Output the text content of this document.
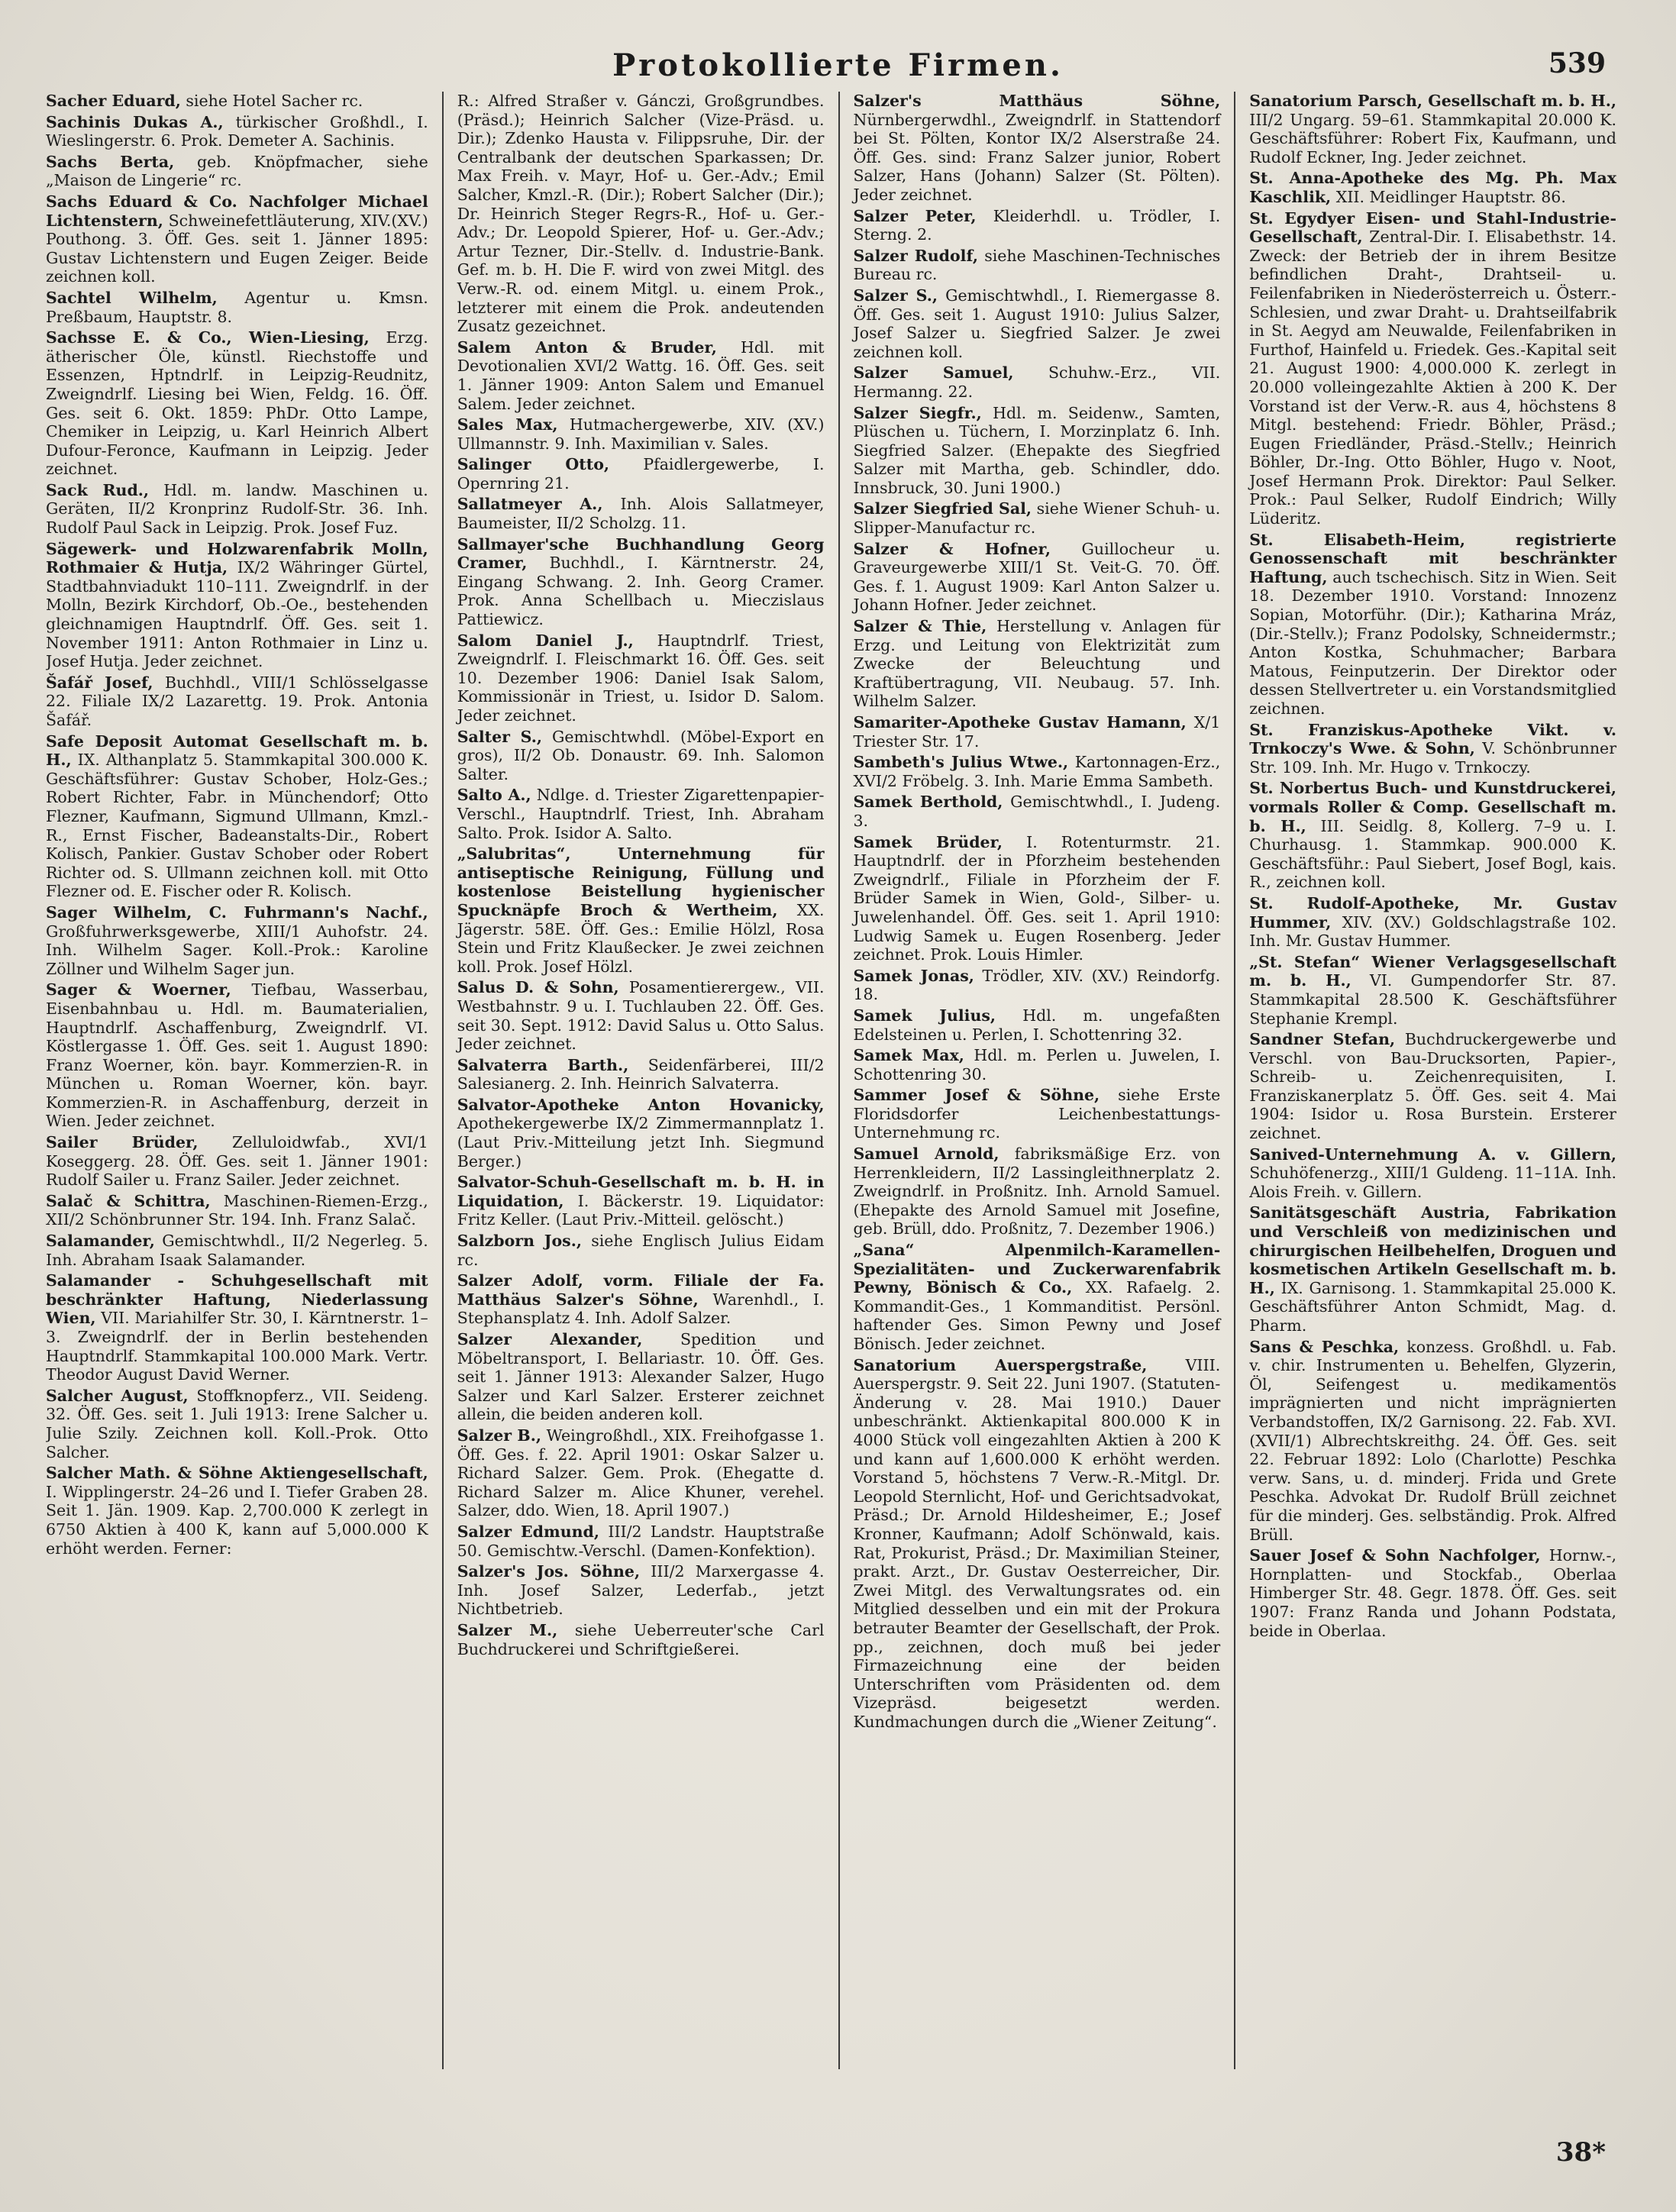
Protokollierte Firmen.	539

Sacher Eduard, siehe Hotel Sacher rc.

Sachinis Dukas A., türkischer Großhdl., I. Wieslingerstr. 6. Prok. Demeter A. Sachinis.

Sachs Berta, geb. Knöpfmacher, siehe „Maison de Lingerie“ rc.

Sachs Eduard & Co. Nachfolger Michael Lichtenstern, Schweinefettläuterung, XIV.(XV.) Pouthong. 3. Öff. Ges. seit 1. Jänner 1895: Gustav Lichtenstern und Eugen Zeiger. Beide zeichnen koll.

Sachtel Wilhelm, Agentur u. Kmsn. Preßbaum, Hauptstr. 8.

Sachsse E. & Co., Wien-Liesing, Erzg. ätherischer Öle, künstl. Riechstoffe und Essenzen, Hptndrlf. in Leipzig-Reudnitz, Zweigndrlf. Liesing bei Wien, Feldg. 16. Öff. Ges. seit 6. Okt. 1859: PhDr. Otto Lampe, Chemiker in Leipzig, u. Karl Heinrich Albert Dufour-Feronce, Kaufmann in Leipzig. Jeder zeichnet.

Sack Rud., Hdl. m. landw. Maschinen u. Geräten, II/2 Kronprinz Rudolf-Str. 36. Inh. Rudolf Paul Sack in Leipzig. Prok. Josef Fuz.

Sägewerk- und Holzwarenfabrik Molln, Rothmaier & Hutja, IX/2 Währinger Gürtel, Stadtbahnviadukt 110–111. Zweigndrlf. in der Molln, Bezirk Kirchdorf, Ob.-Oe., bestehenden gleichnamigen Hauptndrlf. Öff. Ges. seit 1. November 1911: Anton Rothmaier in Linz u. Josef Hutja. Jeder zeichnet.

Šafář Josef, Buchhdl., VIII/1 Schlösselgasse 22. Filiale IX/2 Lazarettg. 19. Prok. Antonia Šafář.

Safe Deposit Automat Gesellschaft m. b. H., IX. Althanplatz 5. Stammkapital 300.000 K. Geschäftsführer: Gustav Schober, Holz-Ges.; Robert Richter, Fabr. in Münchendorf; Otto Flezner, Kaufmann, Sigmund Ullmann, Kmzl.-R., Ernst Fischer, Badeanstalts-Dir., Robert Kolisch, Pankier. Gustav Schober oder Robert Richter od. S. Ullmann zeichnen koll. mit Otto Flezner od. E. Fischer oder R. Kolisch.

Sager Wilhelm, C. Fuhrmann's Nachf., Großfuhrwerksgewerbe, XIII/1 Auhofstr. 24. Inh. Wilhelm Sager. Koll.-Prok.: Karoline Zöllner und Wilhelm Sager jun.

Sager & Woerner, Tiefbau, Wasserbau, Eisenbahnbau u. Hdl. m. Baumaterialien, Hauptndrlf. Aschaffenburg, Zweigndrlf. VI. Köstlergasse 1. Öff. Ges. seit 1. August 1890: Franz Woerner, kön. bayr. Kommerzien-R. in München u. Roman Woerner, kön. bayr. Kommerzien-R. in Aschaffenburg, derzeit in Wien. Jeder zeichnet.

Sailer Brüder, Zelluloidwfab., XVI/1 Koseggerg. 28. Öff. Ges. seit 1. Jänner 1901: Rudolf Sailer u. Franz Sailer. Jeder zeichnet.

Salač & Schittra, Maschinen-Riemen-Erzg., XII/2 Schönbrunner Str. 194. Inh. Franz Salač.

Salamander, Gemischtwhdl., II/2 Negerleg. 5. Inh. Abraham Isaak Salamander.

Salamander - Schuhgesellschaft mit beschränkter Haftung, Niederlassung Wien, VII. Mariahilfer Str. 30, I. Kärntnerstr. 1–3. Zweigndrlf. der in Berlin bestehenden Hauptndrlf. Stammkapital 100.000 Mark. Vertr. Theodor August David Werner.

Salcher August, Stoffknopferz., VII. Seideng. 32. Öff. Ges. seit 1. Juli 1913: Irene Salcher u. Julie Szily. Zeichnen koll. Koll.-Prok. Otto Salcher.

Salcher Math. & Söhne Aktiengesellschaft, I. Wipplingerstr. 24–26 und I. Tiefer Graben 28. Seit 1. Jän. 1909. Kap. 2,700.000 K zerlegt in 6750 Aktien à 400 K, kann auf 5,000.000 K erhöht werden. Ferner:

R.: Alfred Straßer v. Gánczi, Großgrundbes. (Präsd.); Heinrich Salcher (Vize-Präsd. u. Dir.); Zdenko Hausta v. Filippsruhe, Dir. der Centralbank der deutschen Sparkassen; Dr. Max Freih. v. Mayr, Hof- u. Ger.-Adv.; Emil Salcher, Kmzl.-R. (Dir.); Robert Salcher (Dir.); Dr. Heinrich Steger Regrs-R., Hof- u. Ger.-Adv.; Dr. Leopold Spierer, Hof- u. Ger.-Adv.; Artur Tezner, Dir.-Stellv. d. Industrie-Bank. Gef. m. b. H. Die F. wird von zwei Mitgl. des Verw.-R. od. einem Mitgl. u. einem Prok., letzterer mit einem die Prok. andeutenden Zusatz gezeichnet.

Salem Anton & Bruder, Hdl. mit Devotionalien XVI/2 Wattg. 16. Öff. Ges. seit 1. Jänner 1909: Anton Salem und Emanuel Salem. Jeder zeichnet.

Sales Max, Hutmachergewerbe, XIV. (XV.) Ullmannstr. 9. Inh. Maximilian v. Sales.

Salinger Otto, Pfaidlergewerbe, I. Opernring 21.

Sallatmeyer A., Inh. Alois Sallatmeyer, Baumeister, II/2 Scholzg. 11.

Sallmayer'sche Buchhandlung Georg Cramer, Buchhdl., I. Kärntnerstr. 24, Eingang Schwang. 2. Inh. Georg Cramer. Prok. Anna Schellbach u. Mieczislaus Pattiewicz.

Salom Daniel J., Hauptndrlf. Triest, Zweigndrlf. I. Fleischmarkt 16. Öff. Ges. seit 10. Dezember 1906: Daniel Isak Salom, Kommissionär in Triest, u. Isidor D. Salom. Jeder zeichnet.

Salter S., Gemischtwhdl. (Möbel-Export en gros), II/2 Ob. Donaustr. 69. Inh. Salomon Salter.

Salto A., Ndlge. d. Triester Zigarettenpapier-Verschl., Hauptndrlf. Triest, Inh. Abraham Salto. Prok. Isidor A. Salto.

„Salubritas“, Unternehmung für antiseptische Reinigung, Füllung und kostenlose Beistellung hygienischer Spucknäpfe Broch & Wertheim, XX. Jägerstr. 58E. Öff. Ges.: Emilie Hölzl, Rosa Stein und Fritz Klaußecker. Je zwei zeichnen koll. Prok. Josef Hölzl.

Salus D. & Sohn, Posamentierergew., VII. Westbahnstr. 9 u. I. Tuchlauben 22. Öff. Ges. seit 30. Sept. 1912: David Salus u. Otto Salus. Jeder zeichnet.

Salvaterra Barth., Seidenfärberei, III/2 Salesianerg. 2. Inh. Heinrich Salvaterra.

Salvator-Apotheke Anton Hovanicky, Apothekergewerbe IX/2 Zimmermannplatz 1. (Laut Priv.-Mitteilung jetzt Inh. Siegmund Berger.)

Salvator-Schuh-Gesellschaft m. b. H. in Liquidation, I. Bäckerstr. 19. Liquidator: Fritz Keller. (Laut Priv.-Mitteil. gelöscht.)

Salzborn Jos., siehe Englisch Julius Eidam rc.

Salzer Adolf, vorm. Filiale der Fa. Matthäus Salzer's Söhne, Warenhdl., I. Stephansplatz 4. Inh. Adolf Salzer.

Salzer Alexander, Spedition und Möbeltransport, I. Bellariastr. 10. Öff. Ges. seit 1. Jänner 1913: Alexander Salzer, Hugo Salzer und Karl Salzer. Ersterer zeichnet allein, die beiden anderen koll.

Salzer B., Weingroßhdl., XIX. Freihofgasse 1. Öff. Ges. f. 22. April 1901: Oskar Salzer u. Richard Salzer. Gem. Prok. (Ehegatte d. Richard Salzer m. Alice Khuner, verehel. Salzer, ddo. Wien, 18. April 1907.)

Salzer Edmund, III/2 Landstr. Hauptstraße 50. Gemischtw.-Verschl. (Damen-Konfektion).

Salzer's Jos. Söhne, III/2 Marxergasse 4. Inh. Josef Salzer, Lederfab., jetzt Nichtbetrieb.

Salzer M., siehe Ueberreuter'sche Carl Buchdruckerei und Schriftgießerei.

Salzer's Matthäus Söhne, Nürnbergerwdhl., Zweigndrlf. in Stattendorf bei St. Pölten, Kontor IX/2 Alserstraße 24. Öff. Ges. sind: Franz Salzer junior, Robert Salzer, Hans (Johann) Salzer (St. Pölten). Jeder zeichnet.

Salzer Peter, Kleiderhdl. u. Trödler, I. Sterng. 2.

Salzer Rudolf, siehe Maschinen-Technisches Bureau rc.

Salzer S., Gemischtwhdl., I. Riemergasse 8. Öff. Ges. seit 1. August 1910: Julius Salzer, Josef Salzer u. Siegfried Salzer. Je zwei zeichnen koll.

Salzer Samuel, Schuhw.-Erz., VII. Hermanng. 22.

Salzer Siegfr., Hdl. m. Seidenw., Samten, Plüschen u. Tüchern, I. Morzinplatz 6. Inh. Siegfried Salzer. (Ehepakte des Siegfried Salzer mit Martha, geb. Schindler, ddo. Innsbruck, 30. Juni 1900.)

Salzer Siegfried Sal, siehe Wiener Schuh- u. Slipper-Manufactur rc.

Salzer & Hofner, Guillocheur u. Graveurgewerbe XIII/1 St. Veit-G. 70. Öff. Ges. f. 1. August 1909: Karl Anton Salzer u. Johann Hofner. Jeder zeichnet.

Salzer & Thie, Herstellung v. Anlagen für Erzg. und Leitung von Elektrizität zum Zwecke der Beleuchtung und Kraftübertragung, VII. Neubaug. 57. Inh. Wilhelm Salzer.

Samariter-Apotheke Gustav Hamann, X/1 Triester Str. 17.

Sambeth's Julius Wtwe., Kartonnagen-Erz., XVI/2 Fröbelg. 3. Inh. Marie Emma Sambeth.

Samek Berthold, Gemischtwhdl., I. Judeng. 3.

Samek Brüder, I. Rotenturmstr. 21. Hauptndrlf. der in Pforzheim bestehenden Zweigndrlf., Filiale in Pforzheim der F. Brüder Samek in Wien, Gold-, Silber- u. Juwelenhandel. Öff. Ges. seit 1. April 1910: Ludwig Samek u. Eugen Rosenberg. Jeder zeichnet. Prok. Louis Himler.

Samek Jonas, Trödler, XIV. (XV.) Reindorfg. 18.

Samek Julius, Hdl. m. ungefaßten Edelsteinen u. Perlen, I. Schottenring 32.

Samek Max, Hdl. m. Perlen u. Juwelen, I. Schottenring 30.

Sammer Josef & Söhne, siehe Erste Floridsdorfer Leichenbestattungs-Unternehmung rc.

Samuel Arnold, fabriksmäßige Erz. von Herrenkleidern, II/2 Lassingleithnerplatz 2. Zweigndrlf. in Proßnitz. Inh. Arnold Samuel. (Ehepakte des Arnold Samuel mit Josefine, geb. Brüll, ddo. Proßnitz, 7. Dezember 1906.)

„Sana“ Alpenmilch-Karamellen-Spezialitäten- und Zuckerwarenfabrik Pewny, Bönisch & Co., XX. Rafaelg. 2. Kommandit-Ges., 1 Kommanditist. Persönl. haftender Ges. Simon Pewny und Josef Bönisch. Jeder zeichnet.

Sanatorium Auerspergstraße, VIII. Auerspergstr. 9. Seit 22. Juni 1907. (Statuten-Änderung v. 28. Mai 1910.) Dauer unbeschränkt. Aktienkapital 800.000 K in 4000 Stück voll eingezahlten Aktien à 200 K und kann auf 1,600.000 K erhöht werden. Vorstand 5, höchstens 7 Verw.-R.-Mitgl. Dr. Leopold Sternlicht, Hof- und Gerichtsadvokat, Präsd.; Dr. Arnold Hildesheimer, E.; Josef Kronner, Kaufmann; Adolf Schönwald, kais. Rat, Prokurist, Präsd.; Dr. Maximilian Steiner, prakt. Arzt., Dr. Gustav Oesterreicher, Dir. Zwei Mitgl. des Verwaltungsrates od. ein Mitglied desselben und ein mit der Prokura betrauter Beamter der Gesellschaft, der Prok. pp., zeichnen, doch muß bei jeder Firmazeichnung eine der beiden Unterschriften vom Präsidenten od. dem Vizepräsd. beigesetzt werden. Kundmachungen durch die „Wiener Zeitung“.

Sanatorium Parsch, Gesellschaft m. b. H., III/2 Ungarg. 59–61. Stammkapital 20.000 K. Geschäftsführer: Robert Fix, Kaufmann, und Rudolf Eckner, Ing. Jeder zeichnet.

St. Anna-Apotheke des Mg. Ph. Max Kaschlik, XII. Meidlinger Hauptstr. 86.

St. Egydyer Eisen- und Stahl-Industrie-Gesellschaft, Zentral-Dir. I. Elisabethstr. 14. Zweck: der Betrieb der in ihrem Besitze befindlichen Draht-, Drahtseil- u. Feilenfabriken in Niederösterreich u. Österr.-Schlesien, und zwar Draht- u. Drahtseilfabrik in St. Aegyd am Neuwalde, Feilenfabriken in Furthof, Hainfeld u. Friedek. Ges.-Kapital seit 21. August 1900: 4,000.000 K. zerlegt in 20.000 volleingezahlte Aktien à 200 K. Der Vorstand ist der Verw.-R. aus 4, höchstens 8 Mitgl. bestehend: Friedr. Böhler, Präsd.; Eugen Friedländer, Präsd.-Stellv.; Heinrich Böhler, Dr.-Ing. Otto Böhler, Hugo v. Noot, Josef Hermann Prok. Direktor: Paul Selker. Prok.: Paul Selker, Rudolf Eindrich; Willy Lüderitz.

St. Elisabeth-Heim, registrierte Genossenschaft mit beschränkter Haftung, auch tschechisch. Sitz in Wien. Seit 18. Dezember 1910. Vorstand: Innozenz Sopian, Motorführ. (Dir.); Katharina Mráz, (Dir.-Stellv.); Franz Podolsky, Schneidermstr.; Anton Kostka, Schuhmacher; Barbara Matous, Feinputzerin. Der Direktor oder dessen Stellvertreter u. ein Vorstandsmitglied zeichnen.

St. Franziskus-Apotheke Vikt. v. Trnkoczy's Wwe. & Sohn, V. Schönbrunner Str. 109. Inh. Mr. Hugo v. Trnkoczy.

St. Norbertus Buch- und Kunstdruckerei, vormals Roller & Comp. Gesellschaft m. b. H., III. Seidlg. 8, Kollerg. 7–9 u. I. Churhausg. 1. Stammkap. 900.000 K. Geschäftsführ.: Paul Siebert, Josef Bogl, kais. R., zeichnen koll.

St. Rudolf-Apotheke, Mr. Gustav Hummer, XIV. (XV.) Goldschlagstraße 102. Inh. Mr. Gustav Hummer.

„St. Stefan“ Wiener Verlagsgesellschaft m. b. H., VI. Gumpendorfer Str. 87. Stammkapital 28.500 K. Geschäftsführer Stephanie Krempl.

Sandner Stefan, Buchdruckergewerbe und Verschl. von Bau-Drucksorten, Papier-, Schreib- u. Zeichenrequisiten, I. Franziskanerplatz 5. Öff. Ges. seit 4. Mai 1904: Isidor u. Rosa Burstein. Ersterer zeichnet.

Sanived-Unternehmung A. v. Gillern, Schuhöfenerzg., XIII/1 Guldeng. 11–11A. Inh. Alois Freih. v. Gillern.

Sanitätsgeschäft Austria, Fabrikation und Verschleiß von medizinischen und chirurgischen Heilbehelfen, Droguen und kosmetischen Artikeln Gesellschaft m. b. H., IX. Garnisong. 1. Stammkapital 25.000 K. Geschäftsführer Anton Schmidt, Mag. d. Pharm.

Sans & Peschka, konzess. Großhdl. u. Fab. v. chir. Instrumenten u. Behelfen, Glyzerin, Öl, Seifengest u. medikamentös imprägnierten und nicht imprägnierten Verbandstoffen, IX/2 Garnisong. 22. Fab. XVI. (XVII/1) Albrechtskreithg. 24. Öff. Ges. seit 22. Februar 1892: Lolo (Charlotte) Peschka verw. Sans, u. d. minderj. Frida und Grete Peschka. Advokat Dr. Rudolf Brüll zeichnet für die minderj. Ges. selbständig. Prok. Alfred Brüll.

Sauer Josef & Sohn Nachfolger, Hornw.-, Hornplatten- und Stockfab., Oberlaa Himberger Str. 48. Gegr. 1878. Öff. Ges. seit 1907: Franz Randa und Johann Podstata, beide in Oberlaa.

38*
